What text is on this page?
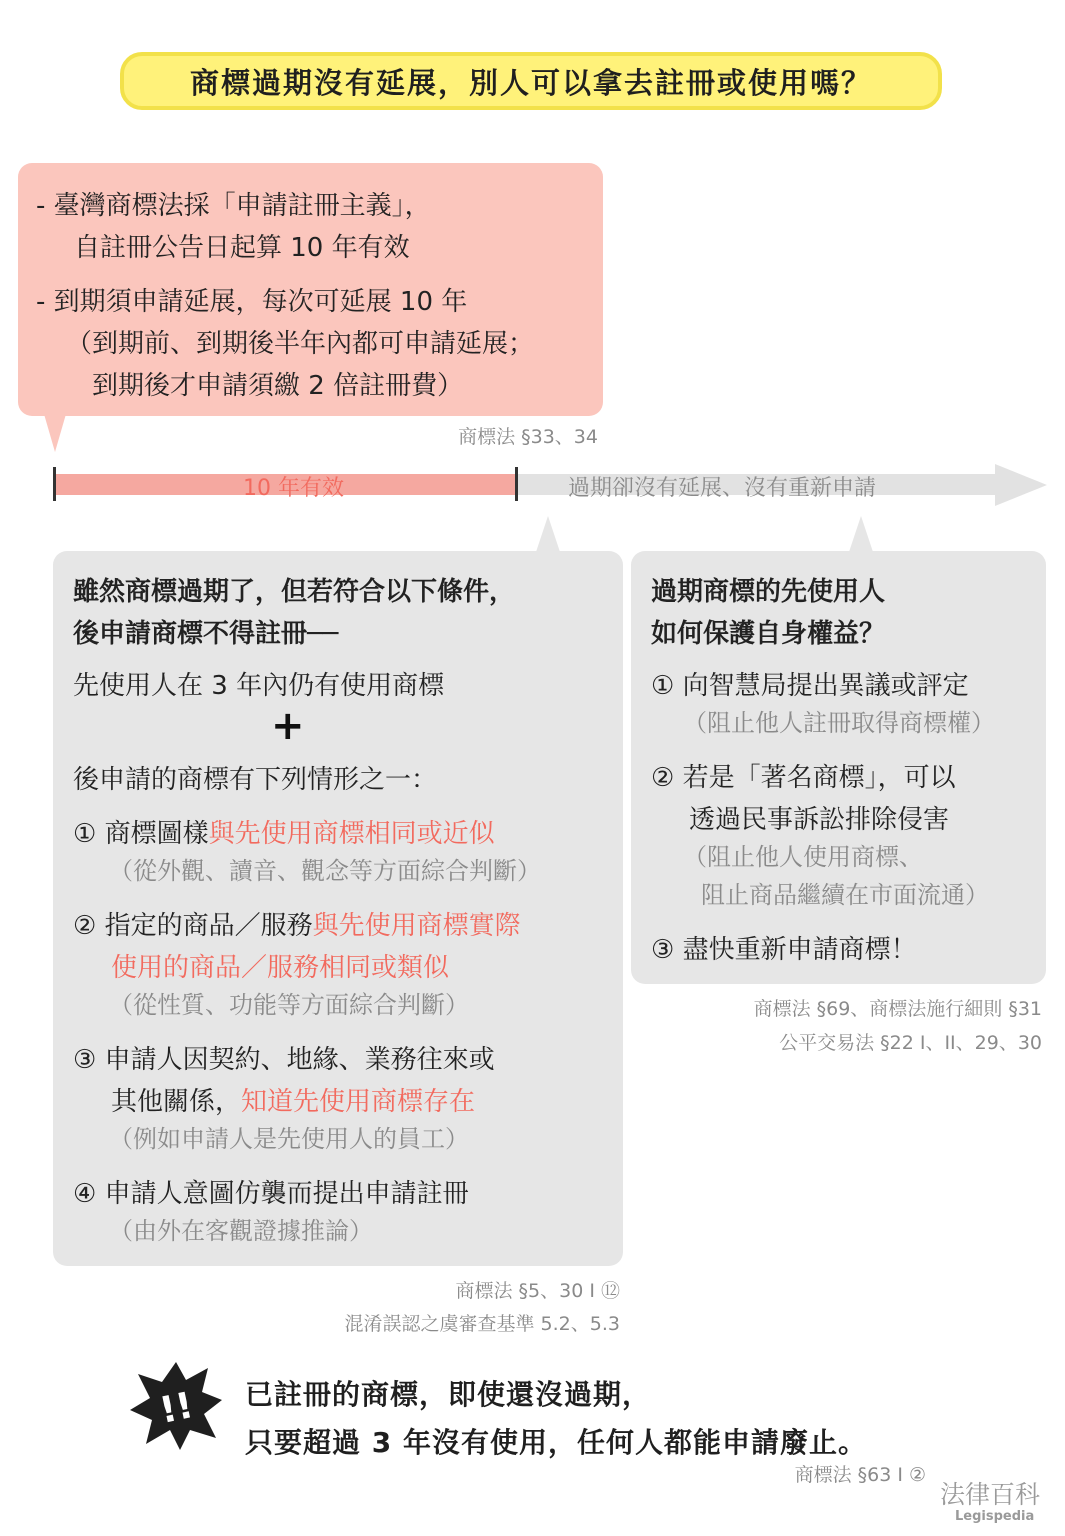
商標過期沒有延展，別人可以拿去註冊或使用嗎？
- 臺灣商標法採「申請註冊主義」，
自註冊公告日起算 10 年有效
- 到期須申請延展，每次可延展 10 年
（到期前、到期後半年內都可申請延展；
到期後才申請須繳 2 倍註冊費）
商標法 §33、34
10 年有效	過期卻沒有延展、沒有重新申請
雖然商標過期了，但若符合以下條件，
後申請商標不得註冊──
先使用人在 3 年內仍有使用商標
+
後申請的商標有下列情形之一：
① 商標圖樣與先使用商標相同或近似
（從外觀、讀音、觀念等方面綜合判斷）
② 指定的商品／服務與先使用商標實際
使用的商品／服務相同或類似
（從性質、功能等方面綜合判斷）
③ 申請人因契約、地緣、業務往來或
其他關係，知道先使用商標存在
（例如申請人是先使用人的員工）
④ 申請人意圖仿襲而提出申請註冊
（由外在客觀證據推論）
商標法 §5、30 I ⑫
混淆誤認之虞審查基準 5.2、5.3
過期商標的先使用人
如何保護自身權益？
① 向智慧局提出異議或評定
（阻止他人註冊取得商標權）
② 若是「著名商標」，可以
透過民事訴訟排除侵害
（阻止他人使用商標、
阻止商品繼續在市面流通）
③ 盡快重新申請商標！
商標法 §69、商標法施行細則 §31
公平交易法 §22 I、II、29、30
!! 已註冊的商標，即使還沒過期，
只要超過 3 年沒有使用，任何人都能申請廢止。
商標法 §63 I ②
法律百科
Legispedia
